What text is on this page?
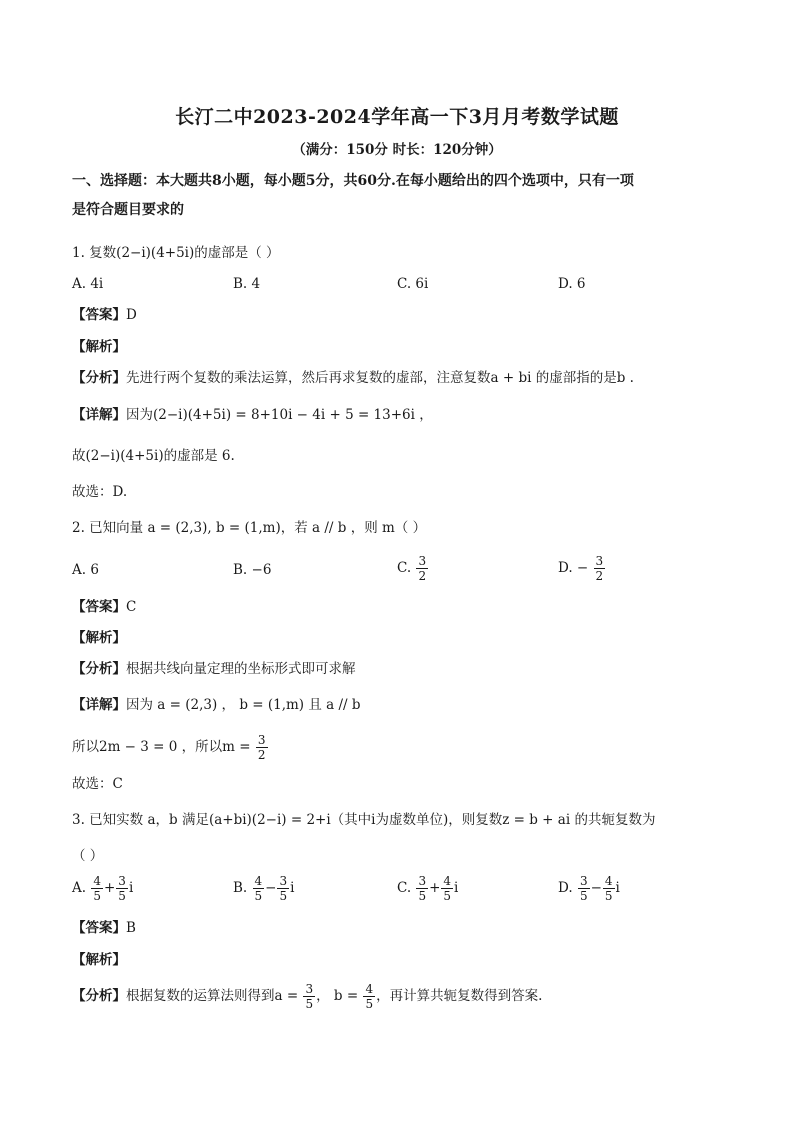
长汀二中2023-2024学年高一下3月月考数学试题
（满分：150分 时长：120分钟）
一、选择题：本大题共8小题，每小题5分，共60分.在每小题给出的四个选项中，只有一项
是符合题目要求的
1. 复数(2−i)(4+5i)的虚部是（ ）
A. 4i	B. 4	C. 6i	D. 6
【答案】D
【解析】
【分析】先进行两个复数的乘法运算，然后再求复数的虚部，注意复数a + bi 的虚部指的是b .
【详解】因为(2−i)(4+5i) = 8+10i − 4i + 5 = 13+6i ，
故(2−i)(4+5i)的虚部是 6.
故选：D.
2. 已知向量 a = (2,3), b = (1,m)，若 a // b ，则 m（ ）
A. 6	B. −6	C. $\frac{3}{2}$	D. − $\frac{3}{2}$
【答案】C
【解析】
【分析】根据共线向量定理的坐标形式即可求解
【详解】因为 a = (2,3) ， b = (1,m) 且 a // b
所以2m − 3 = 0 ，所以$m = \frac{3}{2}$
故选：C
3. 已知实数 a，b 满足(a+bi)(2−i) = 2+i（其中i为虚数单位)，则复数z = b + ai 的共轭复数为
（ ）
A. $\frac{4}{5} + \frac{3}{5}$ i	B. $\frac{4}{5} - \frac{3}{5}$ i	C. $\frac{3}{5} + \frac{4}{5}$ i	D. $\frac{3}{5} - \frac{4}{5}$ i
【答案】B
【解析】
【分析】根据复数的运算法则得到$a = \frac{3}{5}$ ， $b = \frac{4}{5}$ ，再计算共轭复数得到答案.
